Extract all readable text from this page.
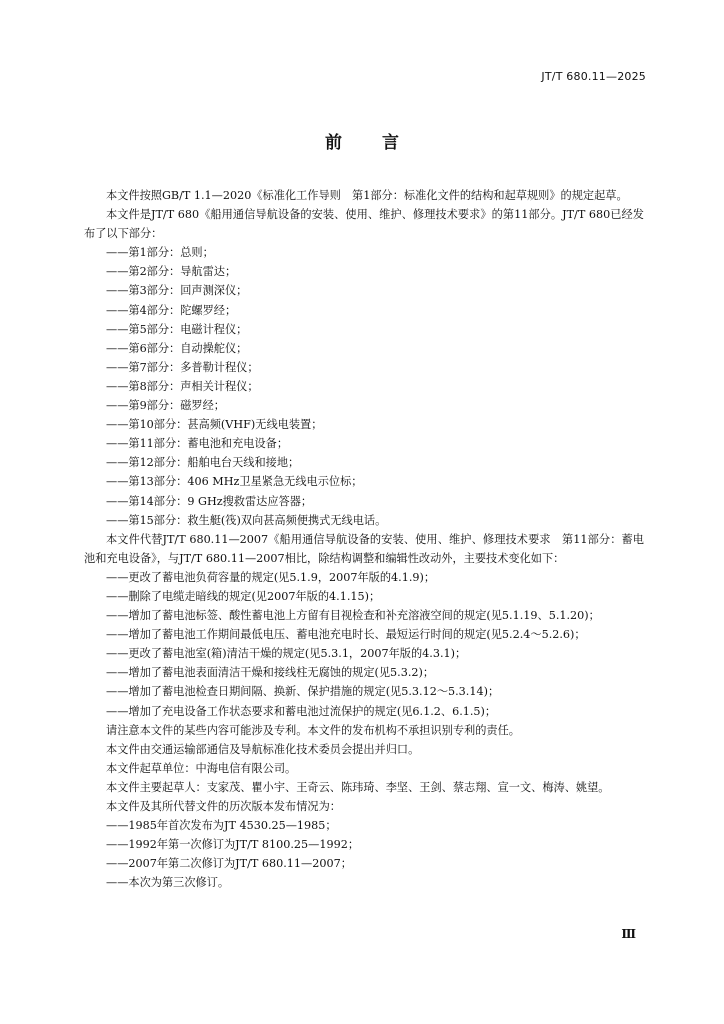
JT/T 680.11—2025
前言

本文件按照GB/T 1.1—2020《标准化工作导则　第1部分：标准化文件的结构和起草规则》的规定起草。

本文件是JT/T 680《船用通信导航设备的安装、使用、维护、修理技术要求》的第11部分。JT/T 680已经发布了以下部分：

——第1部分：总则；

——第2部分：导航雷达；

——第3部分：回声测深仪；

——第4部分：陀螺罗经；

——第5部分：电磁计程仪；

——第6部分：自动操舵仪；

——第7部分：多普勒计程仪；

——第8部分：声相关计程仪；

——第9部分：磁罗经；

——第10部分：甚高频(VHF)无线电装置；

——第11部分：蓄电池和充电设备；

——第12部分：船舶电台天线和接地；

——第13部分：406 MHz卫星紧急无线电示位标；

——第14部分：9 GHz搜救雷达应答器；

——第15部分：救生艇(筏)双向甚高频便携式无线电话。

本文件代替JT/T 680.11—2007《船用通信导航设备的安装、使用、维护、修理技术要求　第11部分：蓄电池和充电设备》，与JT/T 680.11—2007相比，除结构调整和编辑性改动外，主要技术变化如下：

——更改了蓄电池负荷容量的规定(见5.1.9，2007年版的4.1.9)；

——删除了电缆走暗线的规定(见2007年版的4.1.15)；

——增加了蓄电池标签、酸性蓄电池上方留有目视检查和补充溶液空间的规定(见5.1.19、5.1.20)；

——增加了蓄电池工作期间最低电压、蓄电池充电时长、最短运行时间的规定(见5.2.4～5.2.6)；

——更改了蓄电池室(箱)清洁干燥的规定(见5.3.1，2007年版的4.3.1)；

——增加了蓄电池表面清洁干燥和接线柱无腐蚀的规定(见5.3.2)；

——增加了蓄电池检查日期间隔、换新、保护措施的规定(见5.3.12～5.3.14)；

——增加了充电设备工作状态要求和蓄电池过流保护的规定(见6.1.2、6.1.5)；

请注意本文件的某些内容可能涉及专利。本文件的发布机构不承担识别专利的责任。

本文件由交通运输部通信及导航标准化技术委员会提出并归口。

本文件起草单位：中海电信有限公司。

本文件主要起草人：支家茂、瞿小宇、王奇云、陈玮琦、李坚、王剑、蔡志翔、宣一文、梅涛、姚望。

本文件及其所代替文件的历次版本发布情况为：

——1985年首次发布为JT 4530.25—1985；

——1992年第一次修订为JT/T 8100.25—1992；

——2007年第二次修订为JT/T 680.11—2007；

——本次为第三次修订。

Ⅲ
